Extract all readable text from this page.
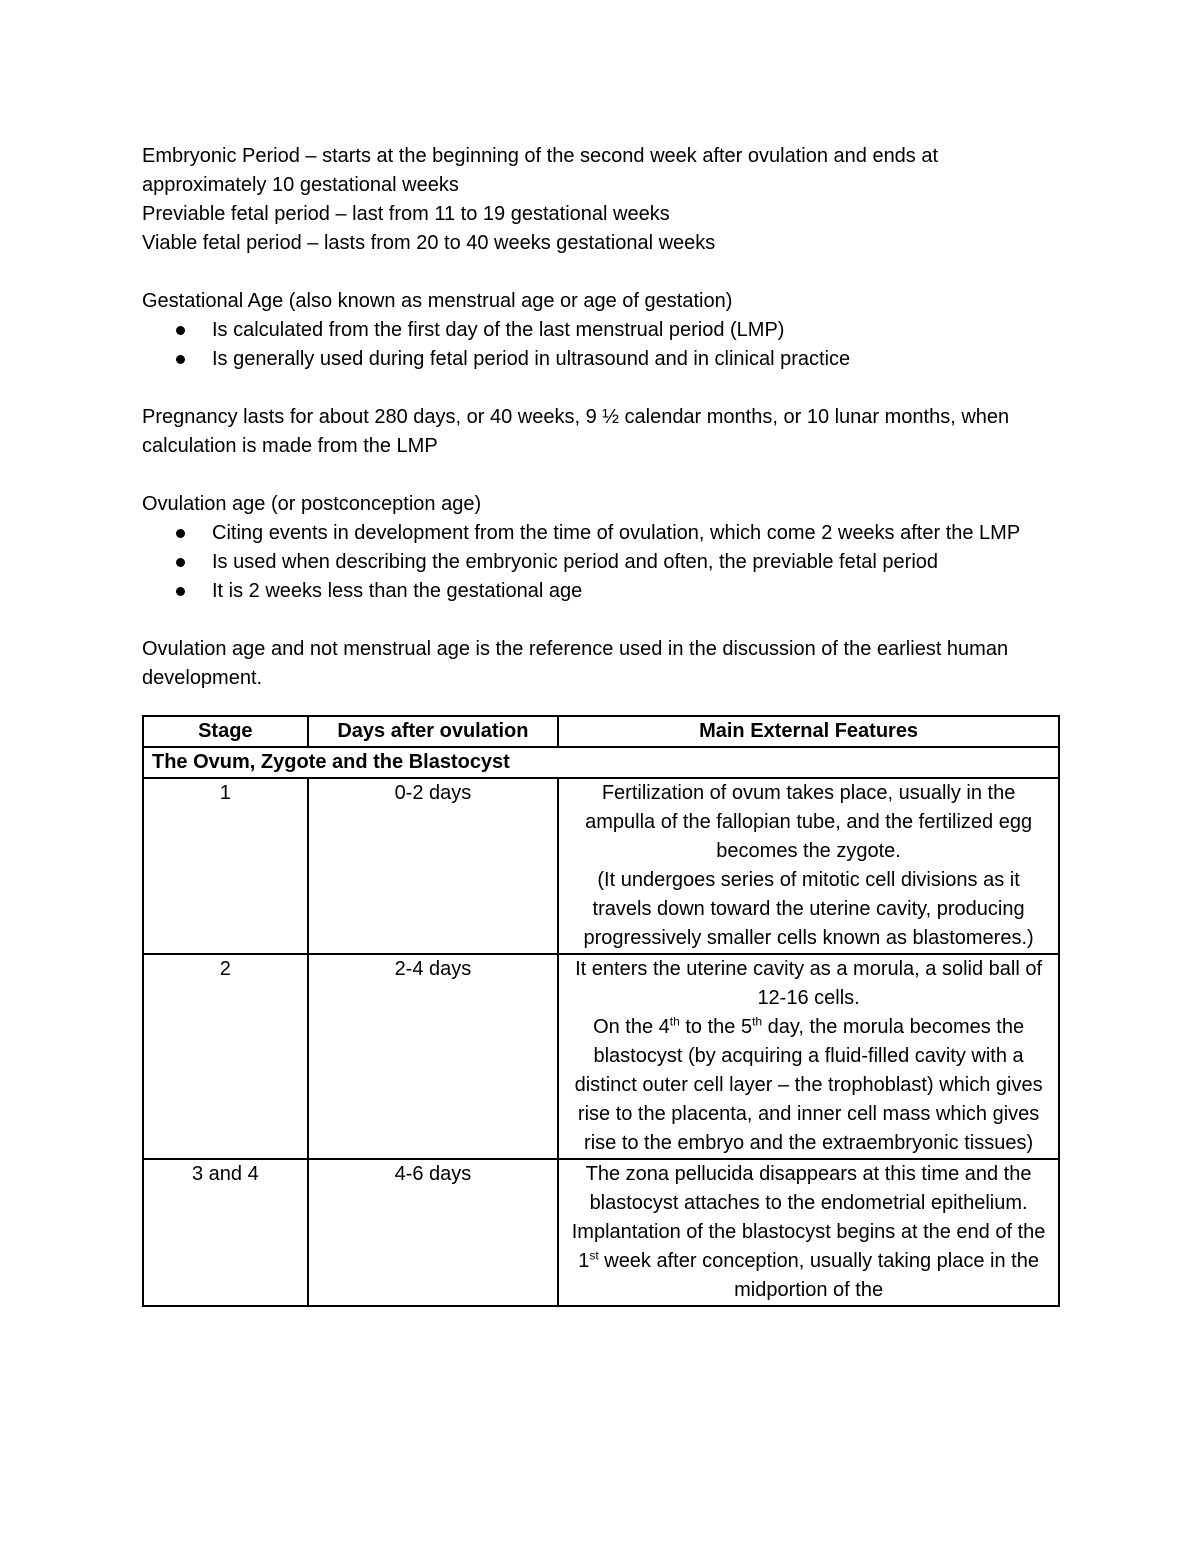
Embryonic Period – starts at the beginning of the second week after ovulation and ends at approximately 10 gestational weeks

Previable fetal period – last from 11 to 19 gestational weeks

Viable fetal period – lasts from 20 to 40 weeks gestational weeks

Gestational Age (also known as menstrual age or age of gestation)

Is calculated from the first day of the last menstrual period (LMP)
Is generally used during fetal period in ultrasound and in clinical practice

Pregnancy lasts for about 280 days, or 40 weeks, 9 ½ calendar months, or 10 lunar months, when calculation is made from the LMP

Ovulation age (or postconception age)

Citing events in development from the time of ovulation, which come 2 weeks after the LMP
Is used when describing the embryonic period and often, the previable fetal period
It is 2 weeks less than the gestational age

Ovulation age and not menstrual age is the reference used in the discussion of the earliest human development.

Stage	Days after ovulation	Main External Features
The Ovum, Zygote and the Blastocyst		
1	0-2 days	Fertilization of ovum takes place, usually in the ampulla of the fallopian tube, and the fertilized egg becomes the zygote.
(It undergoes series of mitotic cell divisions as it travels down toward the uterine cavity, producing progressively smaller cells known as blastomeres.)

2	2-4 days	It enters the uterine cavity as a morula, a solid ball of 12-16 cells.
On the 4th to the 5th day, the morula becomes the blastocyst (by acquiring a fluid-filled cavity with a distinct outer cell layer – the trophoblast) which gives rise to the placenta, and inner cell mass which gives rise to the embryo and the extraembryonic tissues)

3 and 4	4-6 days	The zona pellucida disappears at this time and the blastocyst attaches to the endometrial epithelium. Implantation of the blastocyst begins at the end of the 1st week after conception, usually taking place in the midportion of the
